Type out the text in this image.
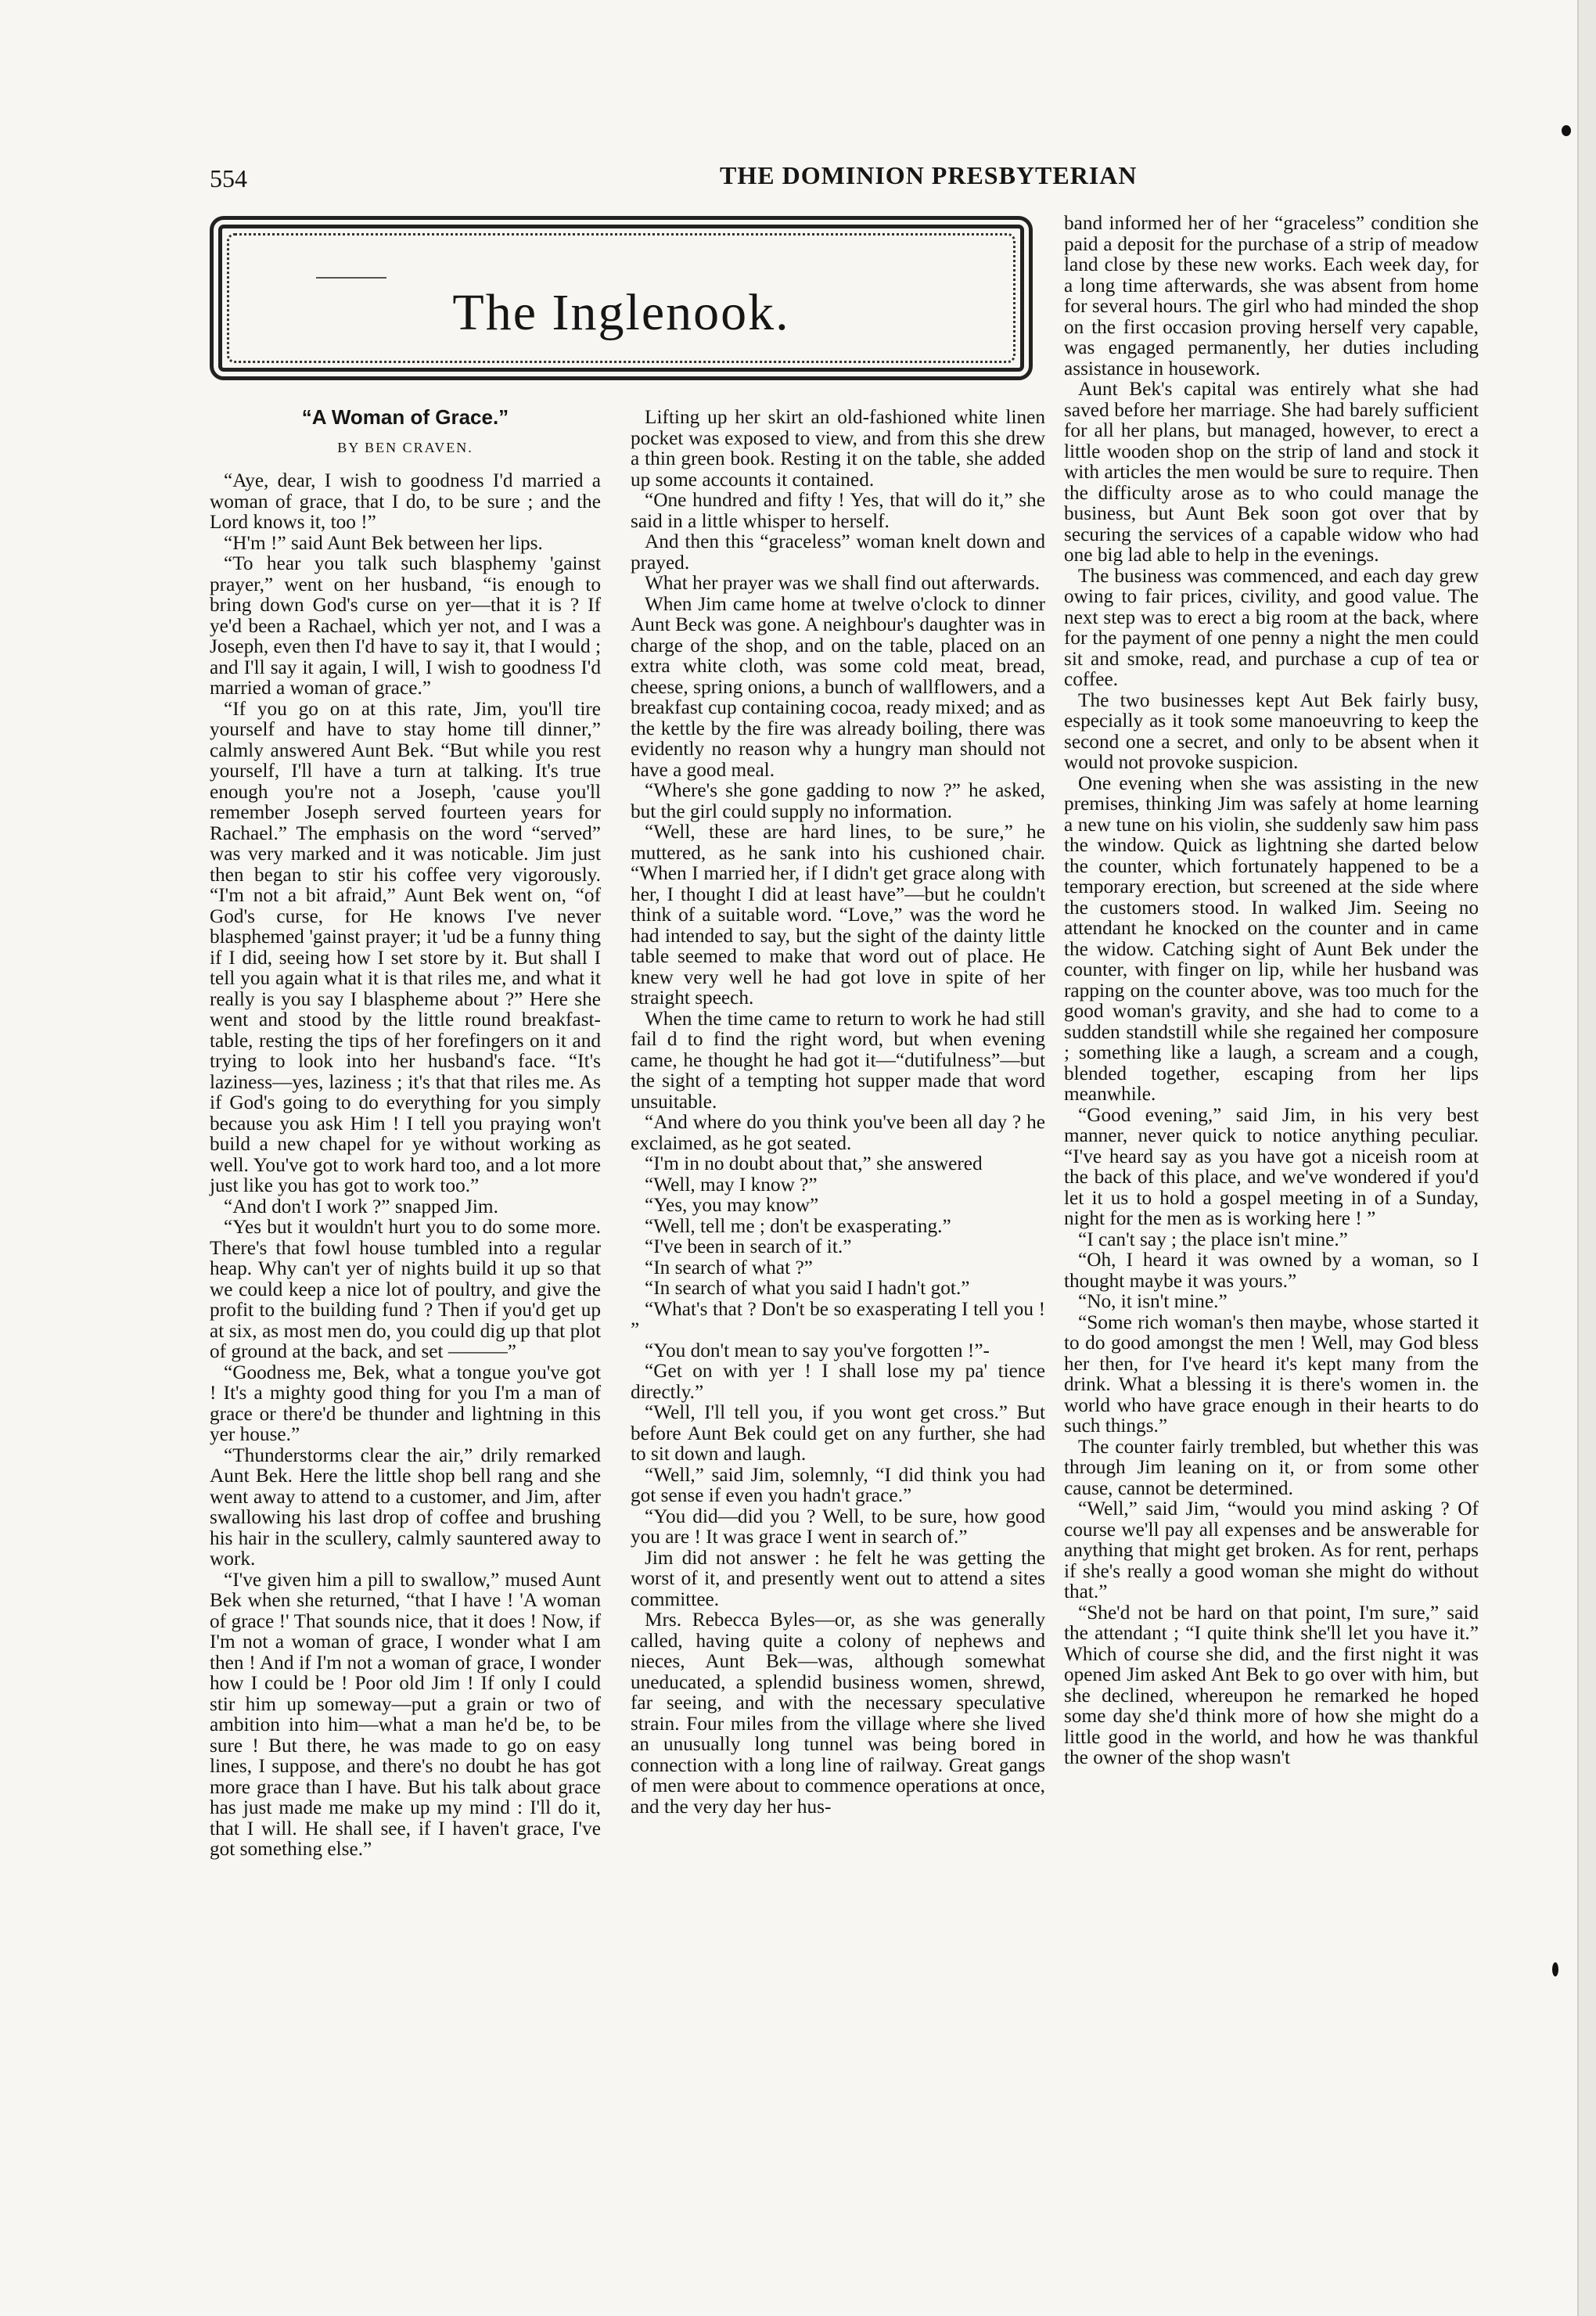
554	THE DOMINION PRESBYTERIAN
The Inglenook.
“A Woman of Grace.”
BY BEN CRAVEN.

“Aye, dear, I wish to goodness I'd married a woman of grace, that I do, to be sure ; and the Lord knows it, too !”

“H'm !” said Aunt Bek between her lips.

“To hear you talk such blasphemy 'gainst prayer,” went on her husband, “is enough to bring down God's curse on yer—that it is ? If ye'd been a Rachael, which yer not, and I was a Joseph, even then I'd have to say it, that I would ; and I'll say it again, I will, I wish to goodness I'd married a woman of grace.”

“If you go on at this rate, Jim, you'll tire yourself and have to stay home till dinner,” calmly answered Aunt Bek. “But while you rest yourself, I'll have a turn at talking. It's true enough you're not a Joseph, 'cause you'll remember Joseph served fourteen years for Rachael.” The emphasis on the word “served” was very marked and it was noticable. Jim just then began to stir his coffee very vigorously. “I'm not a bit afraid,” Aunt Bek went on, “of God's curse, for He knows I've never blasphemed 'gainst prayer; it 'ud be a funny thing if I did, seeing how I set store by it. But shall I tell you again what it is that riles me, and what it really is you say I blaspheme about ?” Here she went and stood by the little round breakfast-table, resting the tips of her forefingers on it and trying to look into her husband's face. “It's laziness—yes, laziness ; it's that that riles me. As if God's going to do everything for you simply because you ask Him ! I tell you praying won't build a new chapel for ye without working as well. You've got to work hard too, and a lot more just like you has got to work too.”

“And don't I work ?” snapped Jim.

“Yes but it wouldn't hurt you to do some more. There's that fowl house tumbled into a regular heap. Why can't yer of nights build it up so that we could keep a nice lot of poultry, and give the profit to the building fund ? Then if you'd get up at six, as most men do, you could dig up that plot of ground at the back, and set ———”

“Goodness me, Bek, what a tongue you've got ! It's a mighty good thing for you I'm a man of grace or there'd be thunder and lightning in this yer house.”

“Thunderstorms clear the air,” drily remarked Aunt Bek. Here the little shop bell rang and she went away to attend to a customer, and Jim, after swallowing his last drop of coffee and brushing his hair in the scullery, calmly sauntered away to work.

“I've given him a pill to swallow,” mused Aunt Bek when she returned, “that I have ! 'A woman of grace !' That sounds nice, that it does ! Now, if I'm not a woman of grace, I wonder what I am then ! And if I'm not a woman of grace, I wonder how I could be ! Poor old Jim ! If only I could stir him up someway—put a grain or two of ambition into him—what a man he'd be, to be sure ! But there, he was made to go on easy lines, I suppose, and there's no doubt he has got more grace than I have. But his talk about grace has just made me make up my mind : I'll do it, that I will. He shall see, if I haven't grace, I've got something else.”

Lifting up her skirt an old-fashioned white linen pocket was exposed to view, and from this she drew a thin green book. Resting it on the table, she added up some accounts it contained.

“One hundred and fifty ! Yes, that will do it,” she said in a little whisper to herself.

And then this “graceless” woman knelt down and prayed.

What her prayer was we shall find out afterwards.

When Jim came home at twelve o'clock to dinner Aunt Beck was gone. A neighbour's daughter was in charge of the shop, and on the table, placed on an extra white cloth, was some cold meat, bread, cheese, spring onions, a bunch of wallflowers, and a breakfast cup containing cocoa, ready mixed; and as the kettle by the fire was already boiling, there was evidently no reason why a hungry man should not have a good meal.

“Where's she gone gadding to now ?” he asked, but the girl could supply no information.

“Well, these are hard lines, to be sure,” he muttered, as he sank into his cushioned chair. “When I married her, if I didn't get grace along with her, I thought I did at least have”—but he couldn't think of a suitable word. “Love,” was the word he had intended to say, but the sight of the dainty little table seemed to make that word out of place. He knew very well he had got love in spite of her straight speech.

When the time came to return to work he had still fail d to find the right word, but when evening came, he thought he had got it—“dutifulness”—but the sight of a tempting hot supper made that word unsuitable.

“And where do you think you've been all day ? he exclaimed, as he got seated.

“I'm in no doubt about that,” she answered

“Well, may I know ?”

“Yes, you may know”

“Well, tell me ; don't be exasperating.”

“I've been in search of it.”

“In search of what ?”

“In search of what you said I hadn't got.”

“What's that ? Don't be so exasperating I tell you ! ”

“You don't mean to say you've forgotten !”-

“Get on with yer ! I shall lose my pa' tience directly.”

“Well, I'll tell you, if you wont get cross.” But before Aunt Bek could get on any further, she had to sit down and laugh.

“Well,” said Jim, solemnly, “I did think you had got sense if even you hadn't grace.”

“You did—did you ? Well, to be sure, how good you are ! It was grace I went in search of.”

Jim did not answer : he felt he was getting the worst of it, and presently went out to attend a sites committee.

Mrs. Rebecca Byles—or, as she was generally called, having quite a colony of nephews and nieces, Aunt Bek—was, although somewhat uneducated, a splendid business women, shrewd, far seeing, and with the necessary speculative strain. Four miles from the village where she lived an unusually long tunnel was being bored in connection with a long line of railway. Great gangs of men were about to commence operations at once, and the very day her hus-

band informed her of her “graceless” condition she paid a deposit for the purchase of a strip of meadow land close by these new works. Each week day, for a long time afterwards, she was absent from home for several hours. The girl who had minded the shop on the first occasion proving herself very capable, was engaged permanently, her duties including assistance in housework.

Aunt Bek's capital was entirely what she had saved before her marriage. She had barely sufficient for all her plans, but managed, however, to erect a little wooden shop on the strip of land and stock it with articles the men would be sure to require. Then the difficulty arose as to who could manage the business, but Aunt Bek soon got over that by securing the services of a capable widow who had one big lad able to help in the evenings.

The business was commenced, and each day grew owing to fair prices, civility, and good value. The next step was to erect a big room at the back, where for the payment of one penny a night the men could sit and smoke, read, and purchase a cup of tea or coffee.

The two businesses kept Aut Bek fairly busy, especially as it took some manoeuvring to keep the second one a secret, and only to be absent when it would not provoke suspicion.

One evening when she was assisting in the new premises, thinking Jim was safely at home learning a new tune on his violin, she suddenly saw him pass the window. Quick as lightning she darted below the counter, which fortunately happened to be a temporary erection, but screened at the side where the customers stood. In walked Jim. Seeing no attendant he knocked on the counter and in came the widow. Catching sight of Aunt Bek under the counter, with finger on lip, while her husband was rapping on the counter above, was too much for the good woman's gravity, and she had to come to a sudden standstill while she regained her composure ; something like a laugh, a scream and a cough, blended together, escaping from her lips meanwhile.

“Good evening,” said Jim, in his very best manner, never quick to notice anything peculiar. “I've heard say as you have got a niceish room at the back of this place, and we've wondered if you'd let it us to hold a gospel meeting in of a Sunday, night for the men as is working here ! ”

“I can't say ; the place isn't mine.”

“Oh, I heard it was owned by a woman, so I thought maybe it was yours.”

“No, it isn't mine.”

“Some rich woman's then maybe, whose started it to do good amongst the men ! Well, may God bless her then, for I've heard it's kept many from the drink. What a blessing it is there's women in. the world who have grace enough in their hearts to do such things.”

The counter fairly trembled, but whether this was through Jim leaning on it, or from some other cause, cannot be determined.

“Well,” said Jim, “would you mind asking ? Of course we'll pay all expenses and be answerable for anything that might get broken. As for rent, perhaps if she's really a good woman she might do without that.”

“She'd not be hard on that point, I'm sure,” said the attendant ; “I quite think she'll let you have it.” Which of course she did, and the first night it was opened Jim asked Ant Bek to go over with him, but she declined, whereupon he remarked he hoped some day she'd think more of how she might do a little good in the world, and how he was thankful the owner of the shop wasn't
